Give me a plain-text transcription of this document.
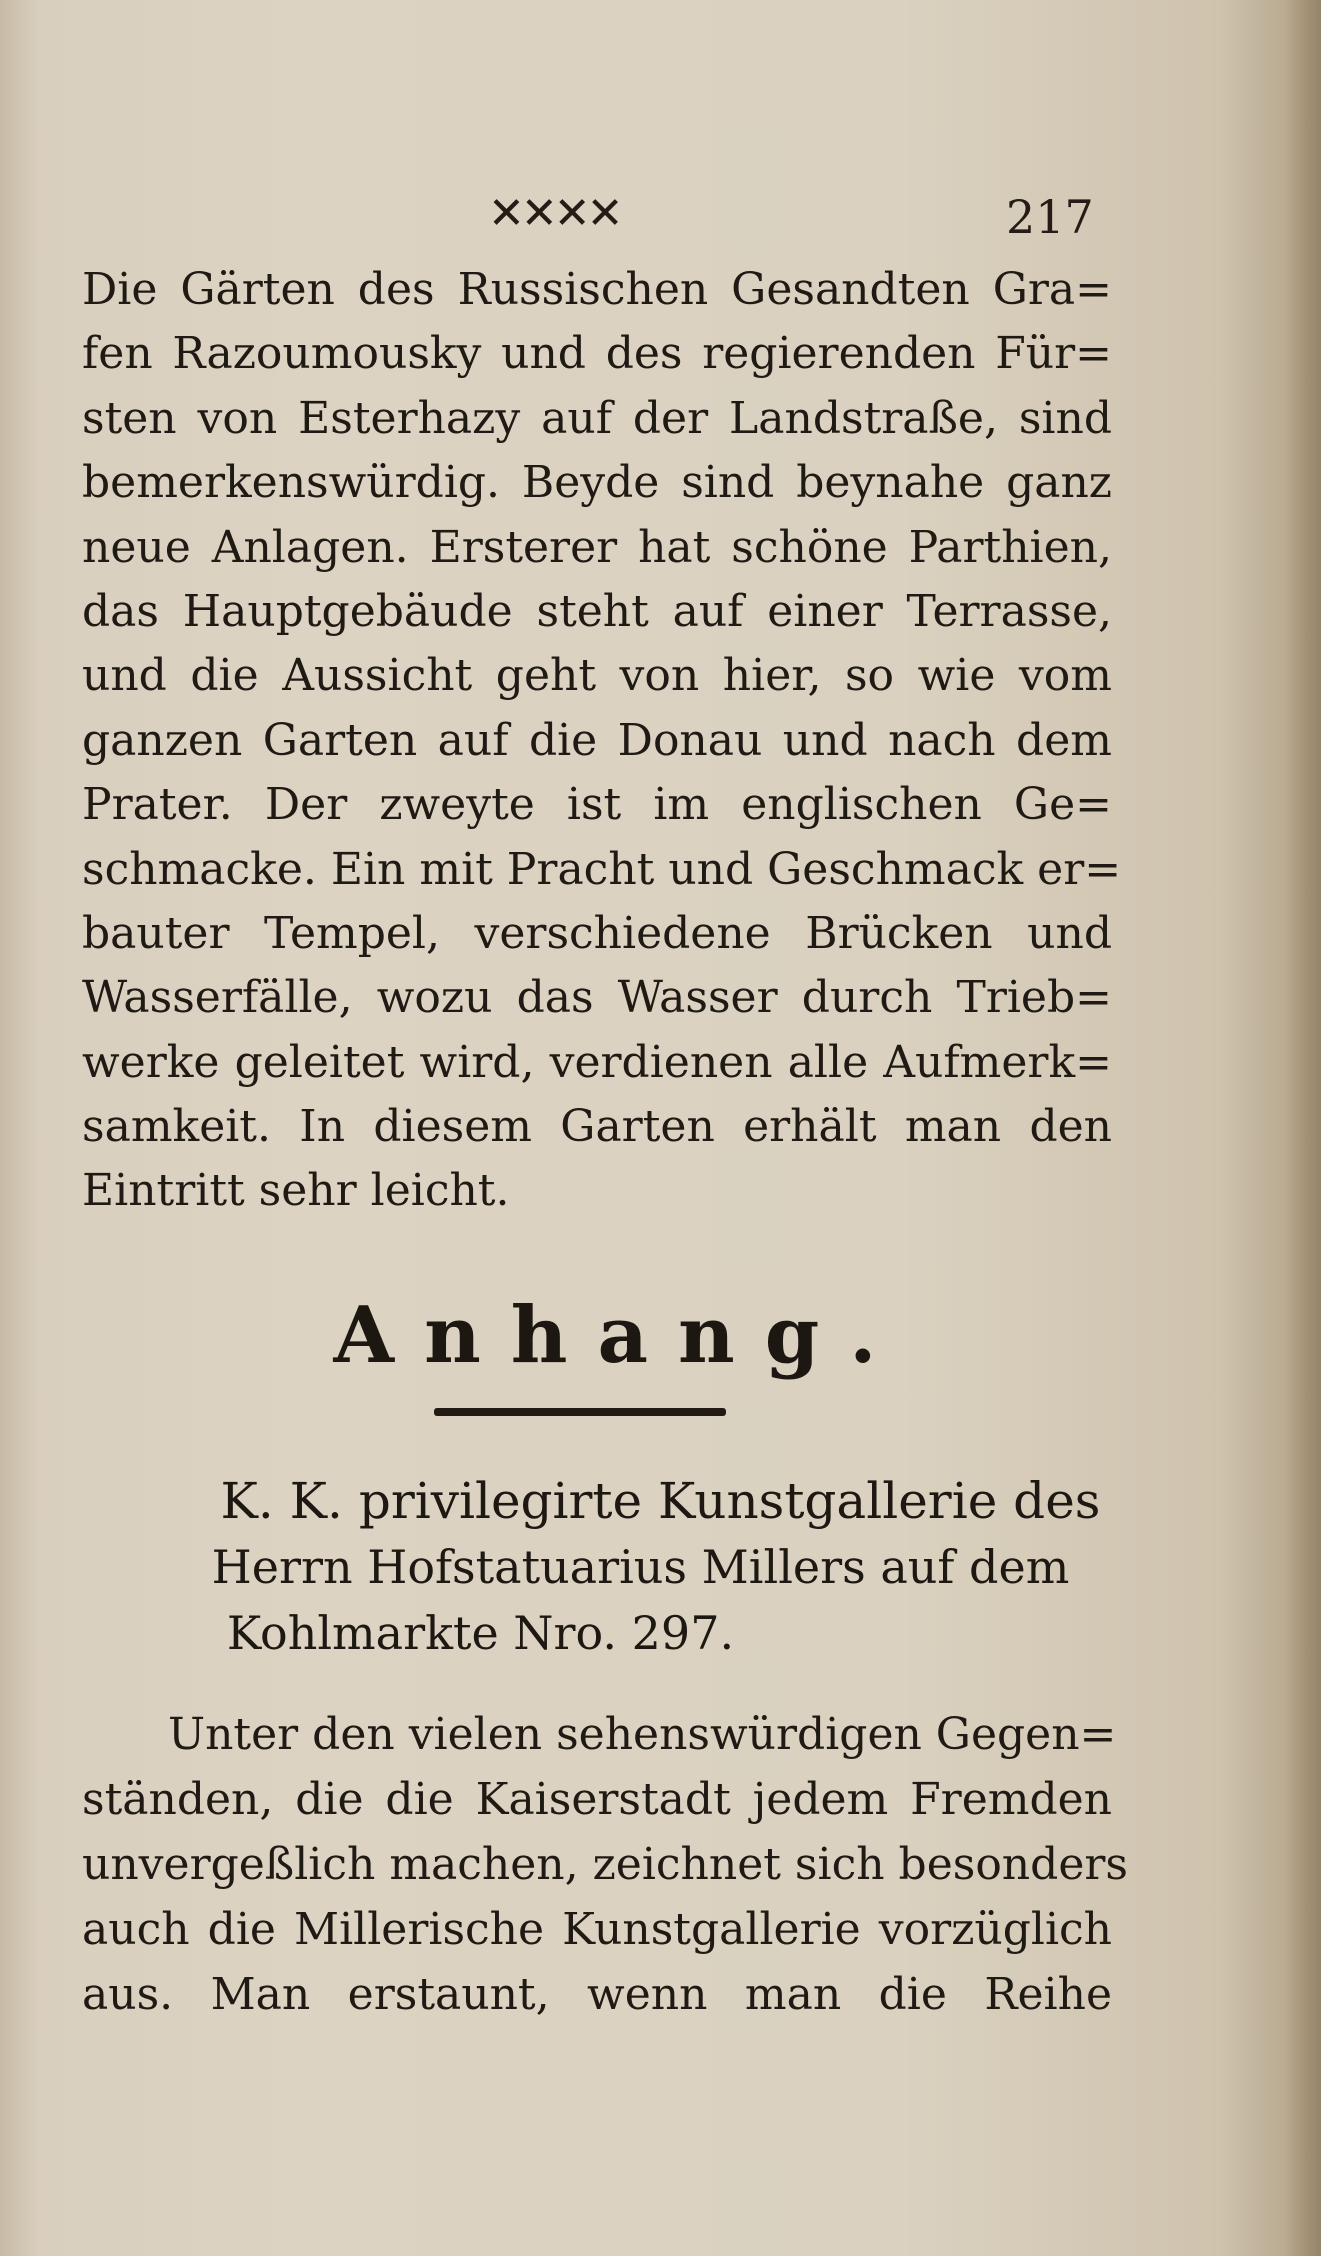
✕✕✕✕	217
Die Gärten des Russischen Gesandten Gra=
fen Razoumousky und des regierenden Für=
sten von Esterhazy auf der Landstraße, sind
bemerkenswürdig. Beyde sind beynahe ganz
neue Anlagen. Ersterer hat schöne Parthien,
das Hauptgebäude steht auf einer Terrasse,
und die Aussicht geht von hier, so wie vom
ganzen Garten auf die Donau und nach dem
Prater. Der zweyte ist im englischen Ge=
schmacke. Ein mit Pracht und Geschmack er=
bauter Tempel, verschiedene Brücken und
Wasserfälle, wozu das Wasser durch Trieb=
werke geleitet wird, verdienen alle Aufmerk=
samkeit. In diesem Garten erhält man den
Eintritt sehr leicht.
Anhang.
K. K. privilegirte Kunstgallerie des
Herrn Hofstatuarius Millers auf dem
Kohlmarkte Nro. 297.
Unter den vielen sehenswürdigen Gegen=
ständen, die die Kaiserstadt jedem Fremden
unvergeßlich machen, zeichnet sich besonders
auch die Millerische Kunstgallerie vorzüglich
aus. Man erstaunt, wenn man die Reihe
